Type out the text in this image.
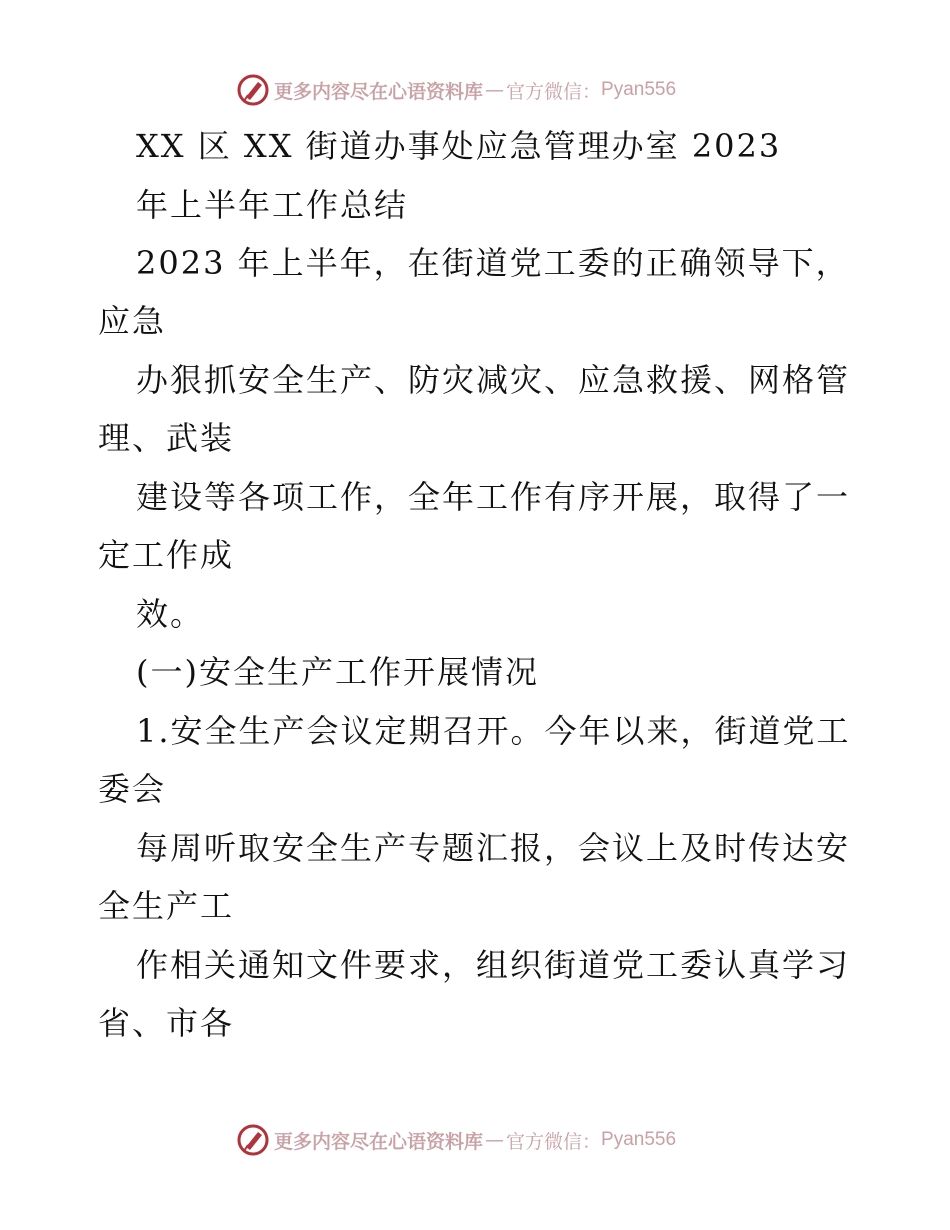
更多内容尽在心语资料库 — 官方微信： Pyan556
XX 区 XX 街道办事处应急管理办室 2023
年上半年工作总结
2023 年上半年，在街道党工委的正确领导下，
应急
办狠抓安全生产、防灾减灾、应急救援、网格管
理、武装
建设等各项工作，全年工作有序开展，取得了一
定工作成
效。
(一)安全生产工作开展情况
1.安全生产会议定期召开。今年以来，街道党工
委会
每周听取安全生产专题汇报，会议上及时传达安
全生产工
作相关通知文件要求，组织街道党工委认真学习
省、市各
更多内容尽在心语资料库 — 官方微信： Pyan556
